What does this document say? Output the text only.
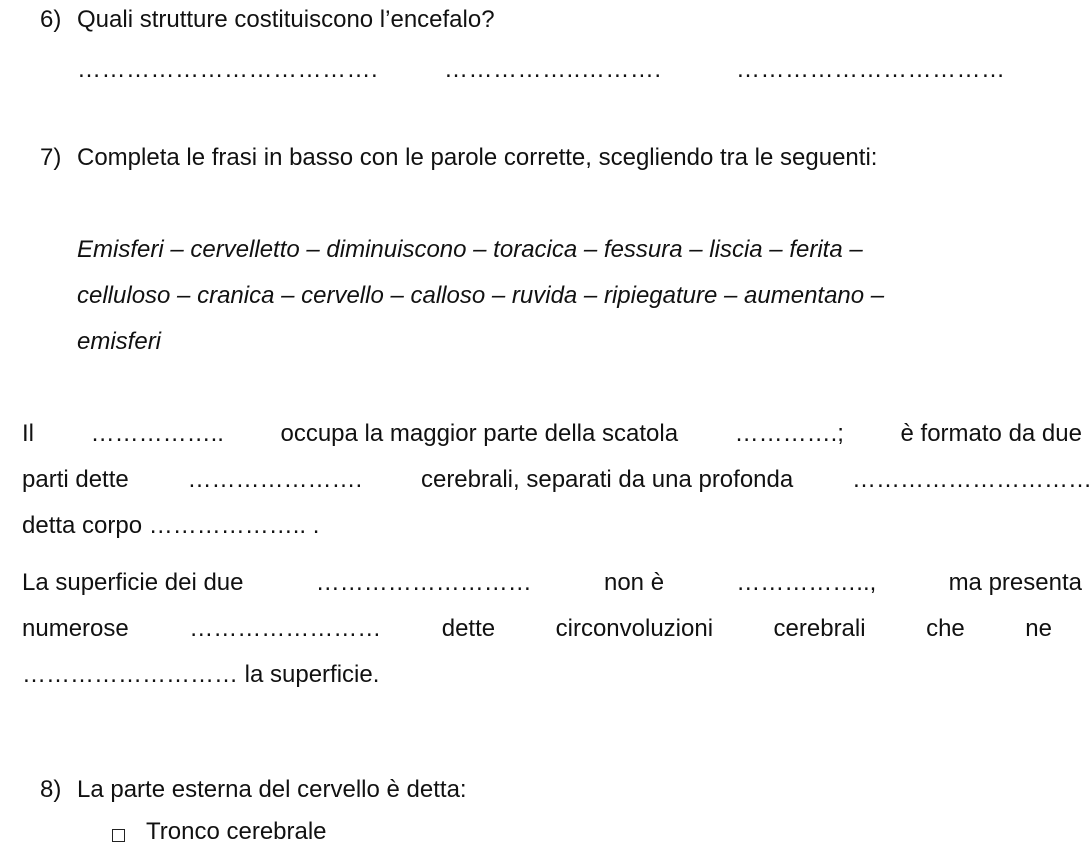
6) Quali strutture costituiscono l’encefalo?
……………………………….	……………..……….	……………………………
7) Completa le frasi in basso con le parole corrette, scegliendo tra le seguenti:
Emisferi – cervelletto – diminuiscono – toracica – fessura – liscia – ferita –
celluloso – cranica – cervello – calloso – ruvida – ripiegature – aumentano –
emisferi
Il …………….. occupa la maggior parte della scatola ………….; è formato da due
parti dette …………………. cerebrali, separati da una profonda …………………………
detta corpo ……………….. .
La superficie dei due	………………………	non è	……………..,	ma presenta
numerose	……………………	dette	circonvoluzioni	cerebrali	che	ne
……………………… la superficie.
8) La parte esterna del cervello è detta:
Tronco cerebrale
